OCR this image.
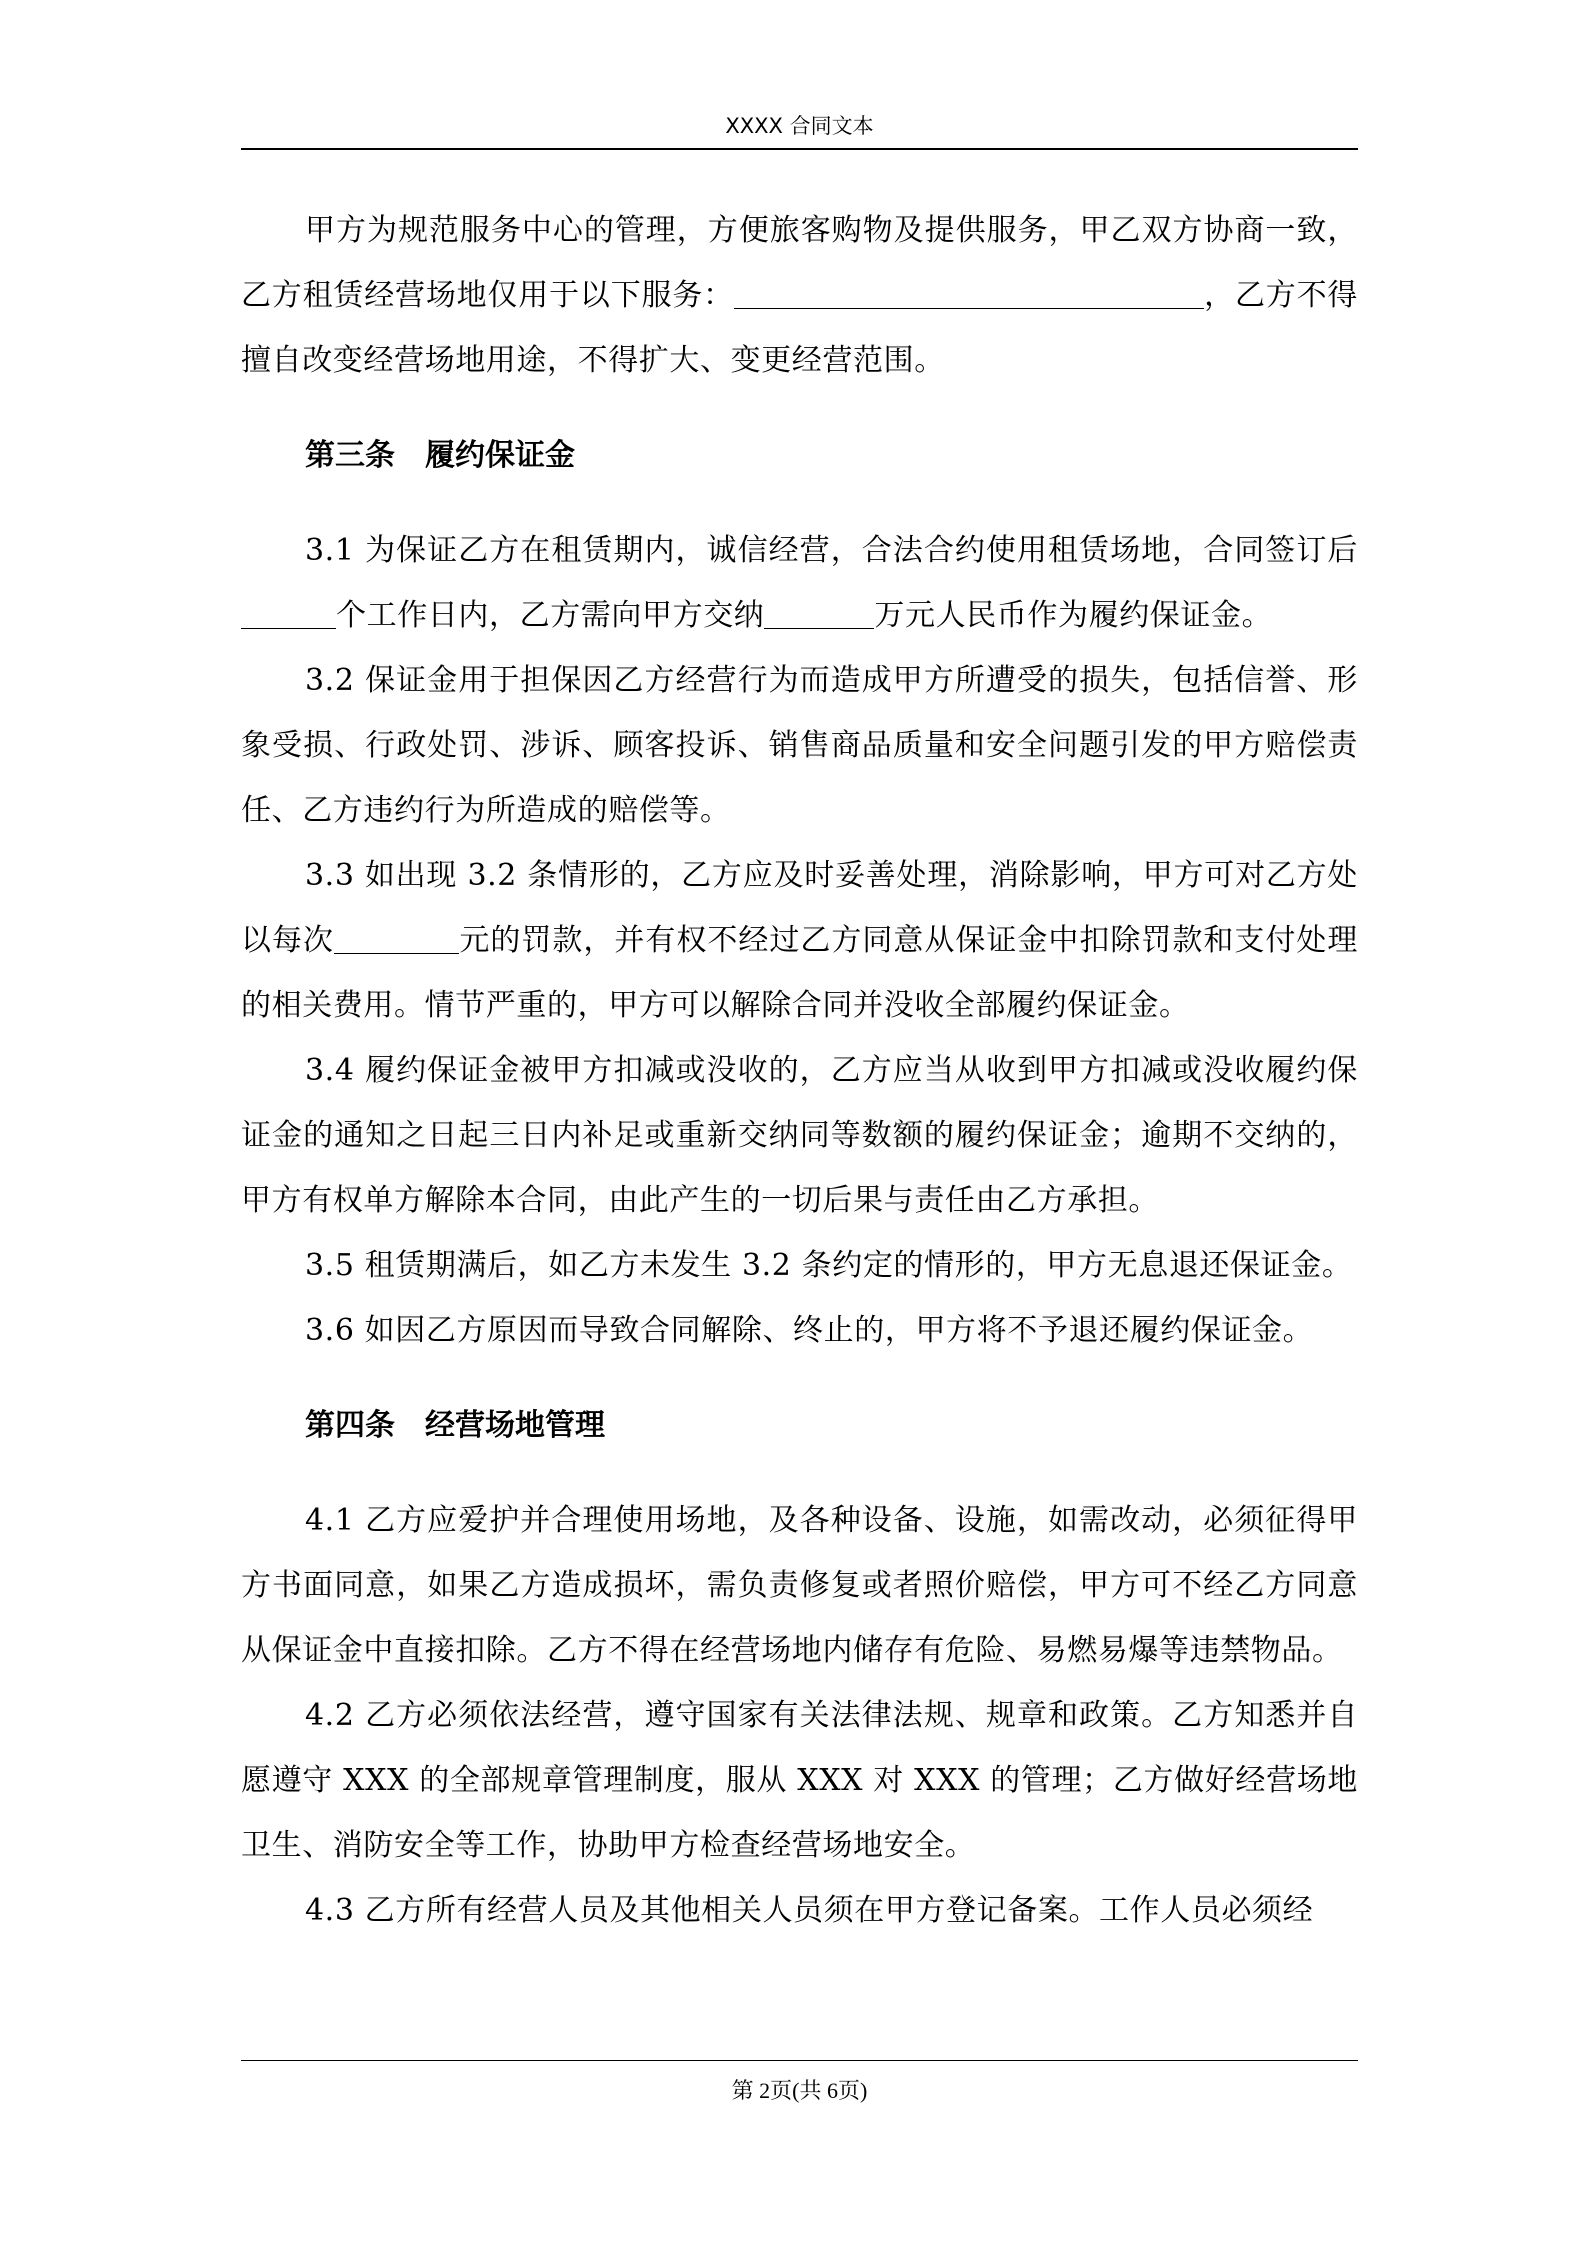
XXXX 合同文本

甲方为规范服务中心的管理，方便旅客购物及提供服务，甲乙双方协商一致，乙方租赁经营场地仅用于以下服务：	，乙方不得擅自改变经营场地用途，不得扩大、变更经营范围。

第三条　履约保证金

3.1 为保证乙方在租赁期内，诚信经营，合法合约使用租赁场地，合同签订后个工作日内，乙方需向甲方交纳	万元人民币作为履约保证金。

3.2 保证金用于担保因乙方经营行为而造成甲方所遭受的损失，包括信誉、形象受损、行政处罚、涉诉、顾客投诉、销售商品质量和安全问题引发的甲方赔偿责任、乙方违约行为所造成的赔偿等。

3.3 如出现 3.2 条情形的，乙方应及时妥善处理，消除影响，甲方可对乙方处以每次	元的罚款，并有权不经过乙方同意从保证金中扣除罚款和支付处理的相关费用。情节严重的，甲方可以解除合同并没收全部履约保证金。

3.4 履约保证金被甲方扣减或没收的，乙方应当从收到甲方扣减或没收履约保证金的通知之日起三日内补足或重新交纳同等数额的履约保证金；逾期不交纳的，甲方有权单方解除本合同，由此产生的一切后果与责任由乙方承担。

3.5 租赁期满后，如乙方未发生 3.2 条约定的情形的，甲方无息退还保证金。

3.6 如因乙方原因而导致合同解除、终止的，甲方将不予退还履约保证金。

第四条　经营场地管理

4.1 乙方应爱护并合理使用场地，及各种设备、设施，如需改动，必须征得甲方书面同意，如果乙方造成损坏，需负责修复或者照价赔偿，甲方可不经乙方同意从保证金中直接扣除。乙方不得在经营场地内储存有危险、易燃易爆等违禁物品。

4.2 乙方必须依法经营，遵守国家有关法律法规、规章和政策。乙方知悉并自愿遵守 XXX 的全部规章管理制度，服从 XXX 对 XXX 的管理；乙方做好经营场地卫生、消防安全等工作，协助甲方检查经营场地安全。

4.3 乙方所有经营人员及其他相关人员须在甲方登记备案。工作人员必须经

第 2页(共 6页)
